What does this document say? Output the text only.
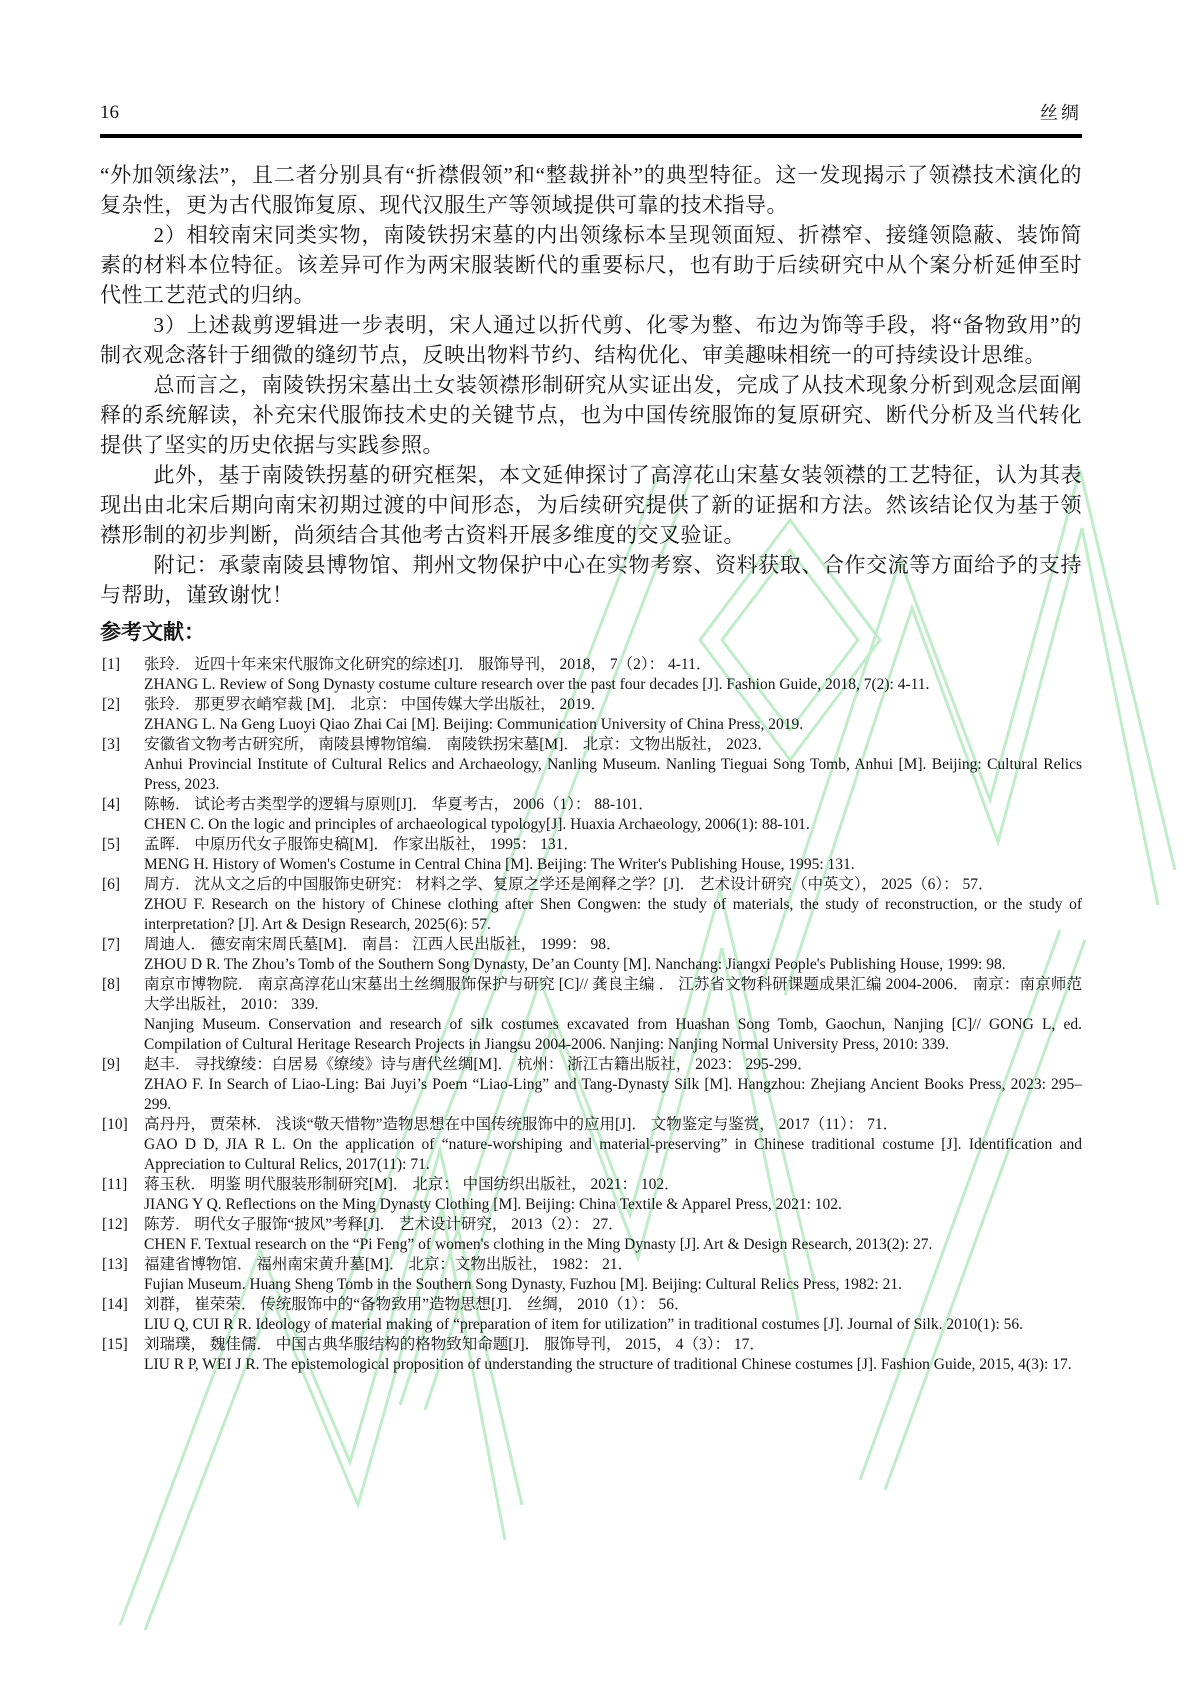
16	丝绸

“外加领缘法”，且二者分别具有“折襟假领”和“整裁拼补”的典型特征。这一发现揭示了领襟技术演化的复杂性，更为古代服饰复原、现代汉服生产等领域提供可靠的技术指导。

2）相较南宋同类实物，南陵铁拐宋墓的内出领缘标本呈现领面短、折襟窄、接缝领隐蔽、装饰简素的材料本位特征。该差异可作为两宋服装断代的重要标尺，也有助于后续研究中从个案分析延伸至时代性工艺范式的归纳。

3）上述裁剪逻辑进一步表明，宋人通过以折代剪、化零为整、布边为饰等手段，将“备物致用”的制衣观念落针于细微的缝纫节点，反映出物料节约、结构优化、审美趣味相统一的可持续设计思维。

总而言之，南陵铁拐宋墓出土女装领襟形制研究从实证出发，完成了从技术现象分析到观念层面阐释的系统解读，补充宋代服饰技术史的关键节点，也为中国传统服饰的复原研究、断代分析及当代转化提供了坚实的历史依据与实践参照。

此外，基于南陵铁拐墓的研究框架，本文延伸探讨了高淳花山宋墓女装领襟的工艺特征，认为其表现出由北宋后期向南宋初期过渡的中间形态，为后续研究提供了新的证据和方法。然该结论仅为基于领襟形制的初步判断，尚须结合其他考古资料开展多维度的交叉验证。

附记：承蒙南陵县博物馆、荆州文物保护中心在实物考察、资料获取、合作交流等方面给予的支持与帮助，谨致谢忱！

参考文献：
[1] 张玲． 近四十年来宋代服饰文化研究的综述[J]． 服饰导刊， 2018， 7（2）： 4-11．
ZHANG L. Review of Song Dynasty costume culture research over the past four decades [J]. Fashion Guide, 2018, 7(2): 4-11.
[2] 张玲． 那更罗衣峭窄裁 [M]． 北京： 中国传媒大学出版社， 2019．
ZHANG L. Na Geng Luoyi Qiao Zhai Cai [M]. Beijing: Communication University of China Press, 2019.
[3] 安徽省文物考古研究所， 南陵县博物馆编． 南陵铁拐宋墓[M]． 北京：文物出版社， 2023．
Anhui Provincial Institute of Cultural Relics and Archaeology, Nanling Museum. Nanling Tieguai Song Tomb, Anhui [M]. Beijing: Cultural Relics Press, 2023.
[4] 陈畅． 试论考古类型学的逻辑与原则[J]． 华夏考古， 2006（1）： 88-101．
CHEN C. On the logic and principles of archaeological typology[J]. Huaxia Archaeology, 2006(1): 88-101.
[5] 孟晖． 中原历代女子服饰史稿[M]． 作家出版社， 1995： 131．
MENG H. History of Women's Costume in Central China [M]. Beijing: The Writer's Publishing House, 1995: 131.
[6] 周方． 沈从文之后的中国服饰史研究： 材料之学、复原之学还是阐释之学？[J]． 艺术设计研究（中英文）， 2025（6）： 57．
ZHOU F. Research on the history of Chinese clothing after Shen Congwen: the study of materials, the study of reconstruction, or the study of interpretation? [J]. Art & Design Research, 2025(6): 57.
[7] 周迪人． 德安南宋周氏墓[M]． 南昌： 江西人民出版社， 1999： 98．
ZHOU D R. The Zhou’s Tomb of the Southern Song Dynasty, De’an County [M]. Nanchang: Jiangxi People's Publishing House, 1999: 98.
[8] 南京市博物院． 南京高淳花山宋墓出土丝绸服饰保护与研究 [C]// 龚良主编 ． 江苏省文物科研课题成果汇编 2004-2006． 南京：南京师范大学出版社， 2010： 339.
Nanjing Museum. Conservation and research of silk costumes excavated from Huashan Song Tomb, Gaochun, Nanjing [C]// GONG L, ed. Compilation of Cultural Heritage Research Projects in Jiangsu 2004-2006. Nanjing: Nanjing Normal University Press, 2010: 339.
[9] 赵丰． 寻找缭绫：白居易《缭绫》诗与唐代丝绸[M]． 杭州： 浙江古籍出版社， 2023： 295-299．
ZHAO F. In Search of Liao-Ling: Bai Juyi’s Poem “Liao-Ling” and Tang-Dynasty Silk [M]. Hangzhou: Zhejiang Ancient Books Press, 2023: 295–299.
[10] 高丹丹， 贾荣林． 浅谈“敬天惜物”造物思想在中国传统服饰中的应用[J]． 文物鉴定与鉴赏， 2017（11）： 71．
GAO D D, JIA R L. On the application of “nature-worshiping and material-preserving” in Chinese traditional costume [J]. Identification and Appreciation to Cultural Relics, 2017(11): 71.
[11] 蒋玉秋． 明鉴 明代服装形制研究[M]． 北京： 中国纺织出版社， 2021： 102．
JIANG Y Q. Reflections on the Ming Dynasty Clothing [M]. Beijing: China Textile & Apparel Press, 2021: 102.
[12] 陈芳． 明代女子服饰“披风”考释[J]． 艺术设计研究， 2013（2）： 27．
CHEN F. Textual research on the “Pi Feng” of women's clothing in the Ming Dynasty [J]. Art & Design Research, 2013(2): 27.
[13] 福建省博物馆． 福州南宋黄升墓[M]． 北京：文物出版社， 1982： 21．
Fujian Museum. Huang Sheng Tomb in the Southern Song Dynasty, Fuzhou [M]. Beijing: Cultural Relics Press, 1982: 21.
[14] 刘群， 崔荣荣． 传统服饰中的“备物致用”造物思想[J]． 丝绸， 2010（1）： 56．
LIU Q, CUI R R. Ideology of material making of “preparation of item for utilization” in traditional costumes [J]. Journal of Silk. 2010(1): 56.
[15] 刘瑞璞， 魏佳儒． 中国古典华服结构的格物致知命题[J]． 服饰导刊， 2015， 4（3）： 17．
LIU R P, WEI J R. The epistemological proposition of understanding the structure of traditional Chinese costumes [J]. Fashion Guide, 2015, 4(3): 17.
